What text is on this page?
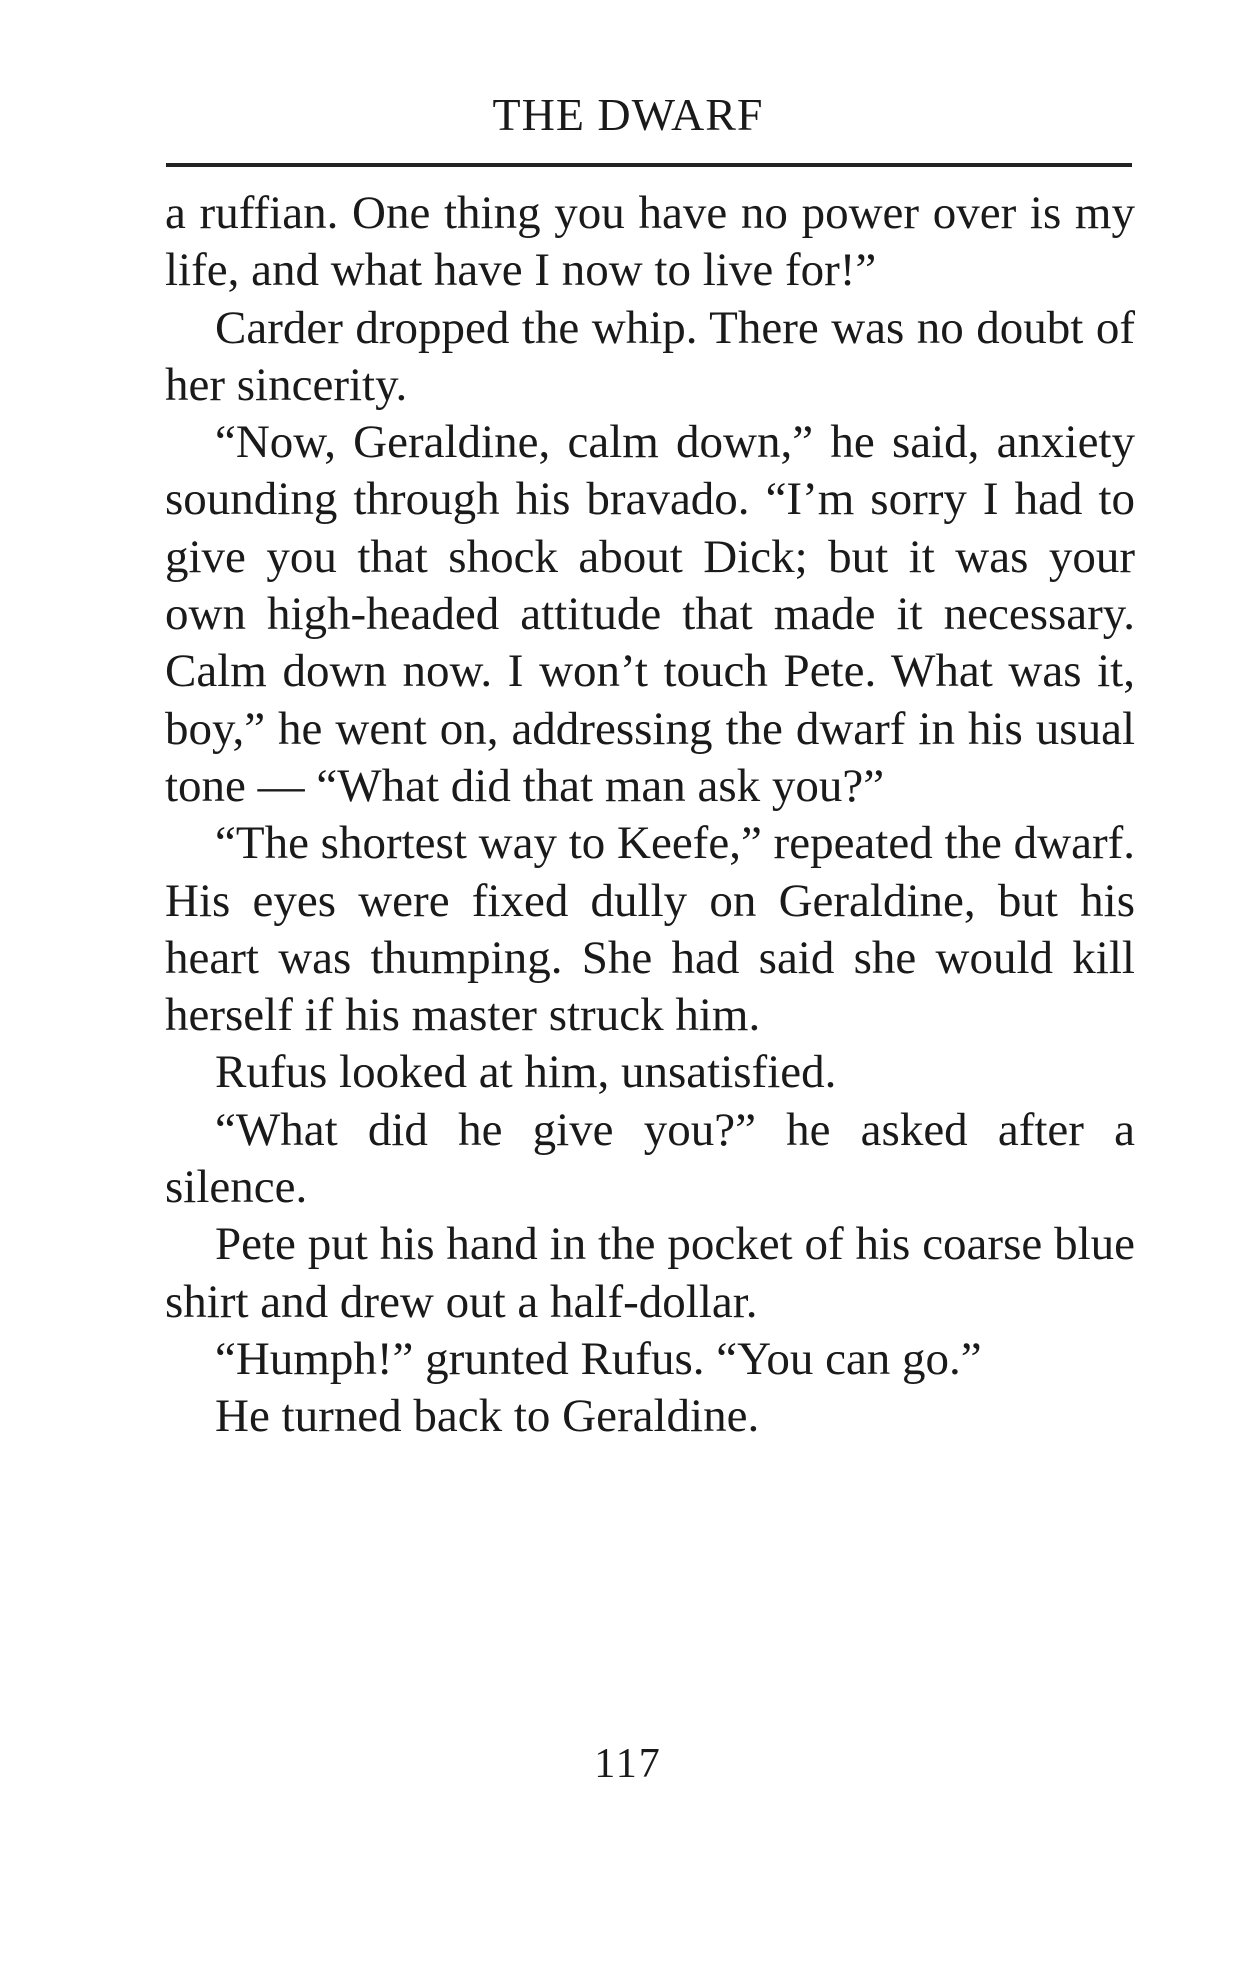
THE DWARF

a ruffian. One thing you have no power over is my life, and what have I now to live for!”

Carder dropped the whip. There was no doubt of her sincerity.

“Now, Geraldine, calm down,” he said, anxiety sounding through his bravado. “I’m sorry I had to give you that shock about Dick; but it was your own high-headed attitude that made it necessary. Calm down now. I won’t touch Pete. What was it, boy,” he went on, addressing the dwarf in his usual tone — “What did that man ask you?”

“The shortest way to Keefe,” repeated the dwarf. His eyes were fixed dully on Geraldine, but his heart was thumping. She had said she would kill herself if his master struck him.

Rufus looked at him, unsatisfied.

“What did he give you?” he asked after a silence.

Pete put his hand in the pocket of his coarse blue shirt and drew out a half-dollar.

“Humph!” grunted Rufus. “You can go.”

He turned back to Geraldine.

117
